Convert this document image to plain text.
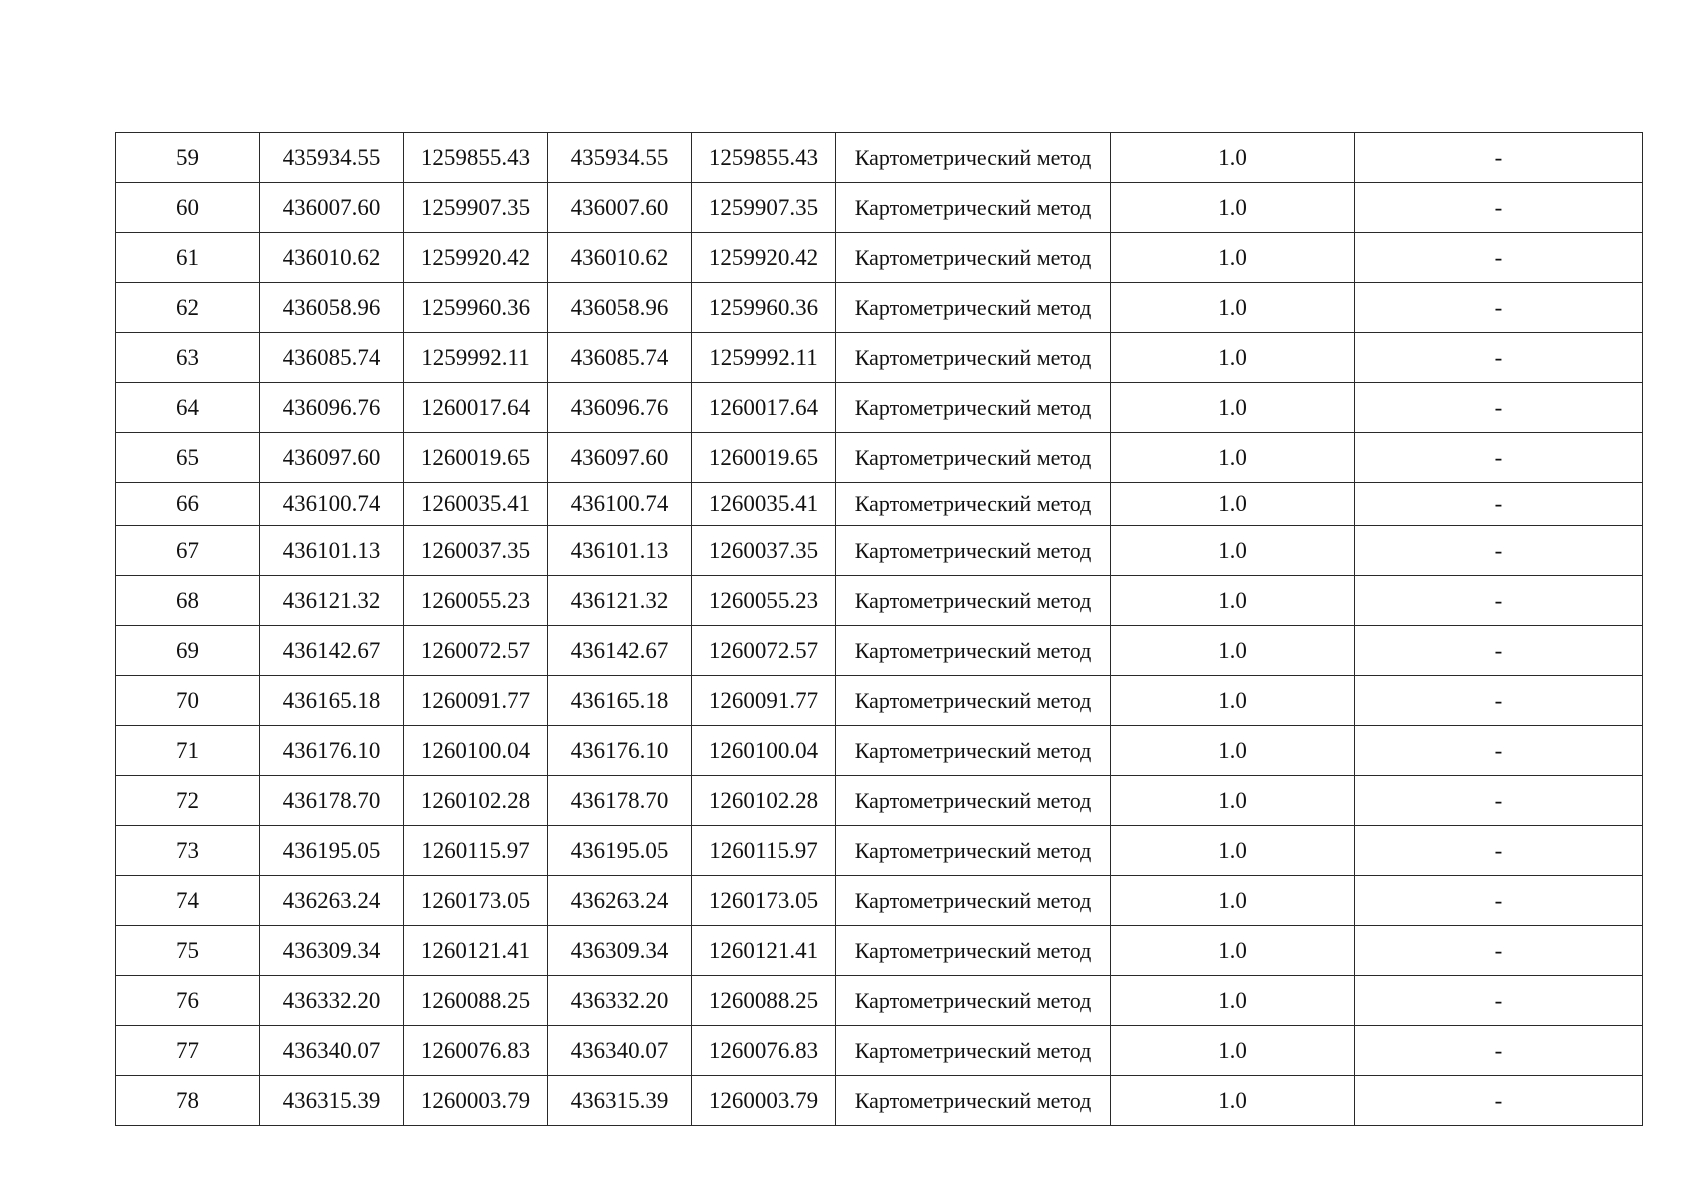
59	435934.55	1259855.43	435934.55	1259855.43	Картометрический метод	1.0	-
60	436007.60	1259907.35	436007.60	1259907.35	Картометрический метод	1.0	-
61	436010.62	1259920.42	436010.62	1259920.42	Картометрический метод	1.0	-
62	436058.96	1259960.36	436058.96	1259960.36	Картометрический метод	1.0	-
63	436085.74	1259992.11	436085.74	1259992.11	Картометрический метод	1.0	-
64	436096.76	1260017.64	436096.76	1260017.64	Картометрический метод	1.0	-
65	436097.60	1260019.65	436097.60	1260019.65	Картометрический метод	1.0	-
66	436100.74	1260035.41	436100.74	1260035.41	Картометрический метод	1.0	-
67	436101.13	1260037.35	436101.13	1260037.35	Картометрический метод	1.0	-
68	436121.32	1260055.23	436121.32	1260055.23	Картометрический метод	1.0	-
69	436142.67	1260072.57	436142.67	1260072.57	Картометрический метод	1.0	-
70	436165.18	1260091.77	436165.18	1260091.77	Картометрический метод	1.0	-
71	436176.10	1260100.04	436176.10	1260100.04	Картометрический метод	1.0	-
72	436178.70	1260102.28	436178.70	1260102.28	Картометрический метод	1.0	-
73	436195.05	1260115.97	436195.05	1260115.97	Картометрический метод	1.0	-
74	436263.24	1260173.05	436263.24	1260173.05	Картометрический метод	1.0	-
75	436309.34	1260121.41	436309.34	1260121.41	Картометрический метод	1.0	-
76	436332.20	1260088.25	436332.20	1260088.25	Картометрический метод	1.0	-
77	436340.07	1260076.83	436340.07	1260076.83	Картометрический метод	1.0	-
78	436315.39	1260003.79	436315.39	1260003.79	Картометрический метод	1.0	-
